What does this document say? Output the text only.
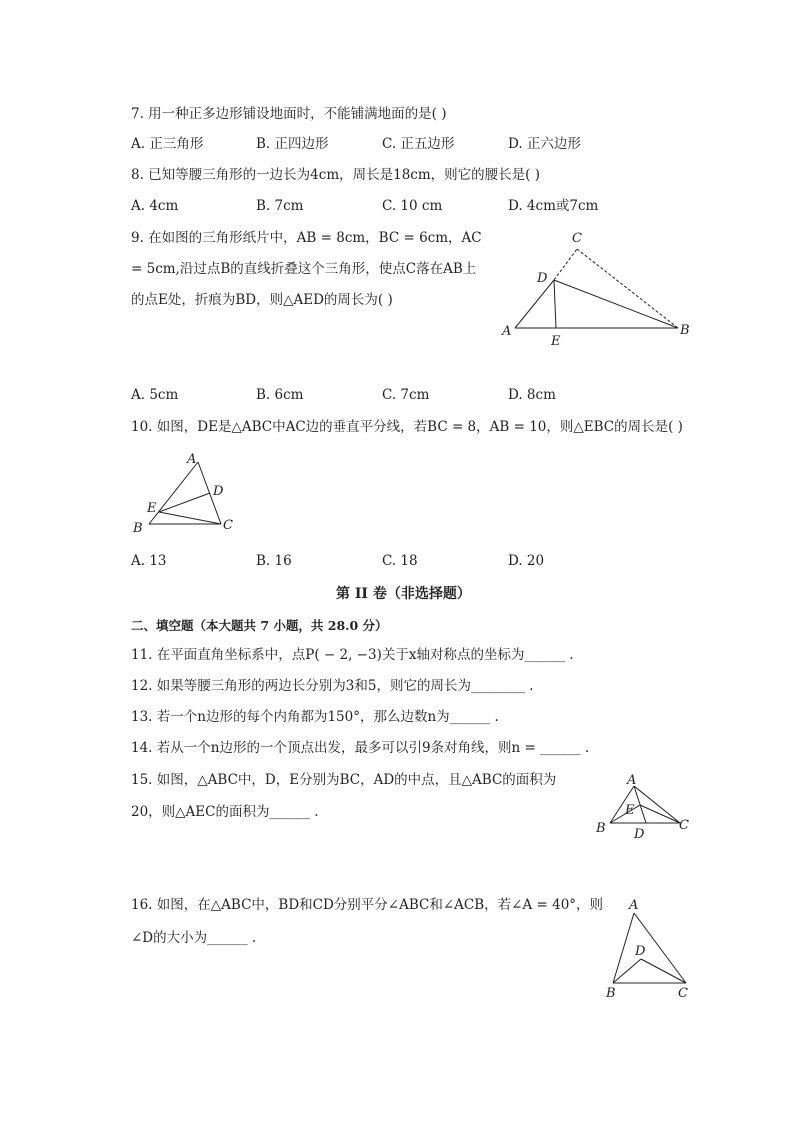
7. 用一种正多边形铺设地面时，不能铺满地面的是( )
A. 正三角形	B. 正四边形	C. 正五边形	D. 正六边形
8. 已知等腰三角形的一边长为4cm，周长是18cm，则它的腰长是( )
A. 4cm	B. 7cm	C. 10 cm	D. 4cm或7cm
9. 在如图的三角形纸片中，AB = 8cm，BC = 6cm，AC
= 5cm,沿过点B的直线折叠这个三角形，使点C落在AB上
的点E处，折痕为BD，则△AED的周长为( )
C
D
A
E
B
A. 5cm	B. 6cm	C. 7cm	D. 8cm
10. 如图，DE是△ABC中AC边的垂直平分线，若BC = 8，AB = 10，则△EBC的周长是( )
A
D
E
B	C
A. 13	B. 16	C. 18	D. 20
第 II 卷（非选择题）
二、填空题（本大题共 7 小题，共 28.0 分）
11. 在平面直角坐标系中，点P( − 2, −3)关于x轴对称点的坐标为______ .
12. 如果等腰三角形的两边长分别为3和5，则它的周长为________ .
13. 若一个n边形的每个内角都为150°，那么边数n为______ .
14. 若从一个n边形的一个顶点出发，最多可以引9条对角线，则n = ______ .
15. 如图，△ABC中，D，E分别为BC，AD的中点，且△ABC的面积为
20，则△AEC的面积为______ .
A
E
B D
C
16. 如图，在△ABC中，BD和CD分别平分∠ABC和∠ACB，若∠A = 40°，则
∠D的大小为______ .
A
D
B	C
